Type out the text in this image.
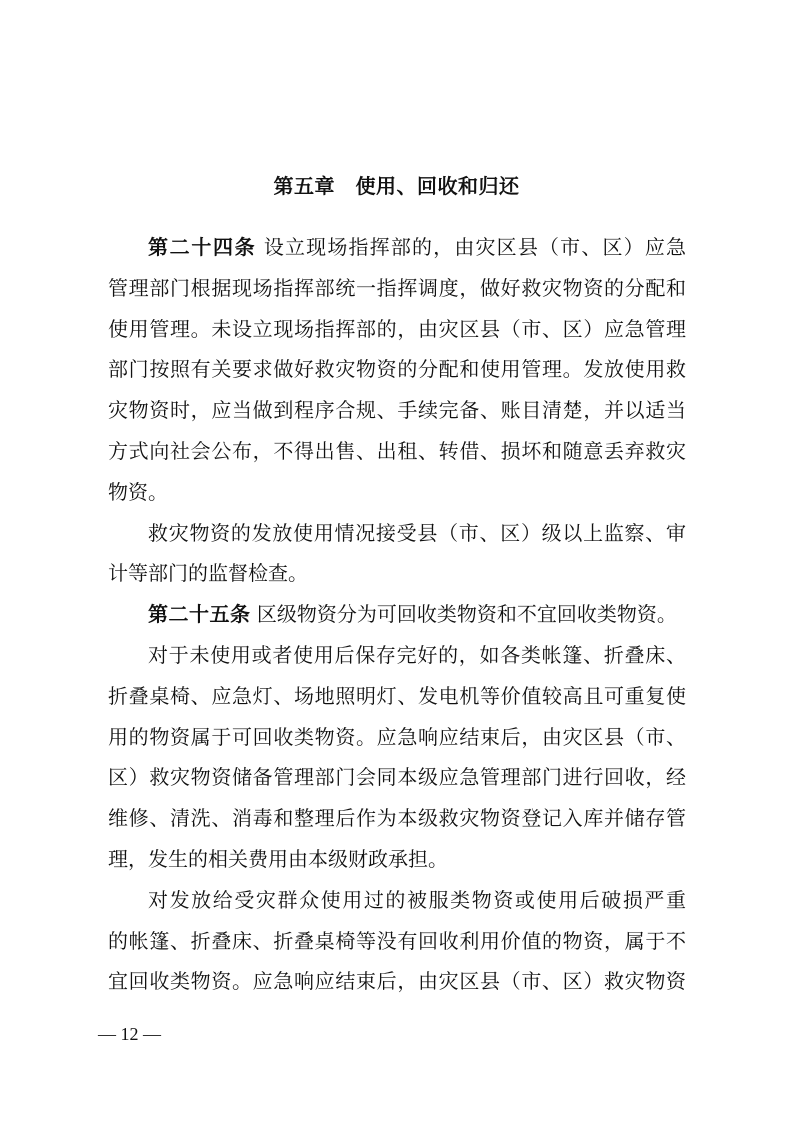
第五章　使用、回收和归还
第二十四条 设立现场指挥部的，由灾区县（市、区）应急
管理部门根据现场指挥部统一指挥调度，做好救灾物资的分配和
使用管理。未设立现场指挥部的，由灾区县（市、区）应急管理
部门按照有关要求做好救灾物资的分配和使用管理。发放使用救
灾物资时，应当做到程序合规、手续完备、账目清楚，并以适当
方式向社会公布，不得出售、出租、转借、损坏和随意丢弃救灾
物资。
救灾物资的发放使用情况接受县（市、区）级以上监察、审
计等部门的监督检查。
第二十五条 区级物资分为可回收类物资和不宜回收类物资。
对于未使用或者使用后保存完好的，如各类帐篷、折叠床、
折叠桌椅、应急灯、场地照明灯、发电机等价值较高且可重复使
用的物资属于可回收类物资。应急响应结束后，由灾区县（市、
区）救灾物资储备管理部门会同本级应急管理部门进行回收，经
维修、清洗、消毒和整理后作为本级救灾物资登记入库并储存管
理，发生的相关费用由本级财政承担。
对发放给受灾群众使用过的被服类物资或使用后破损严重
的帐篷、折叠床、折叠桌椅等没有回收利用价值的物资，属于不
宜回收类物资。应急响应结束后，由灾区县（市、区）救灾物资
— 12 —
